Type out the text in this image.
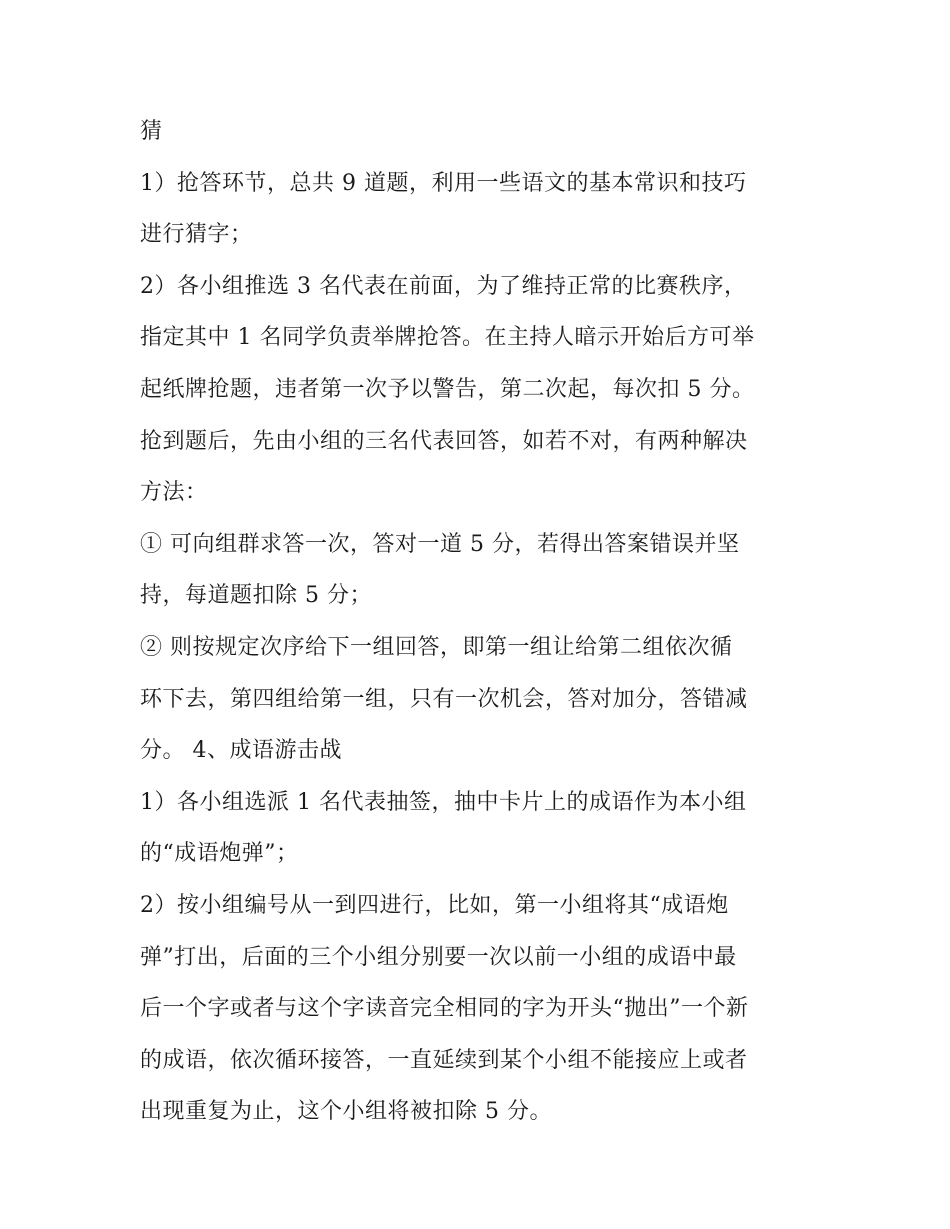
猜

1）抢答环节，总共 9 道题，利用一些语文的基本常识和技巧

进行猜字；

2）各小组推选 3 名代表在前面，为了维持正常的比赛秩序，

指定其中 1 名同学负责举牌抢答。在主持人暗示开始后方可举

起纸牌抢题，违者第一次予以警告，第二次起，每次扣 5 分。

抢到题后，先由小组的三名代表回答，如若不对，有两种解决

方法：

① 可向组群求答一次，答对一道 5 分，若得出答案错误并坚

持，每道题扣除 5 分；

② 则按规定次序给下一组回答，即第一组让给第二组依次循

环下去，第四组给第一组，只有一次机会，答对加分，答错减

分。 4、成语游击战

1）各小组选派 1 名代表抽签，抽中卡片上的成语作为本小组

的“成语炮弹”；

2）按小组编号从一到四进行，比如，第一小组将其“成语炮

弹”打出，后面的三个小组分别要一次以前一小组的成语中最

后一个字或者与这个字读音完全相同的字为开头“抛出”一个新

的成语，依次循环接答，一直延续到某个小组不能接应上或者

出现重复为止，这个小组将被扣除 5 分。
